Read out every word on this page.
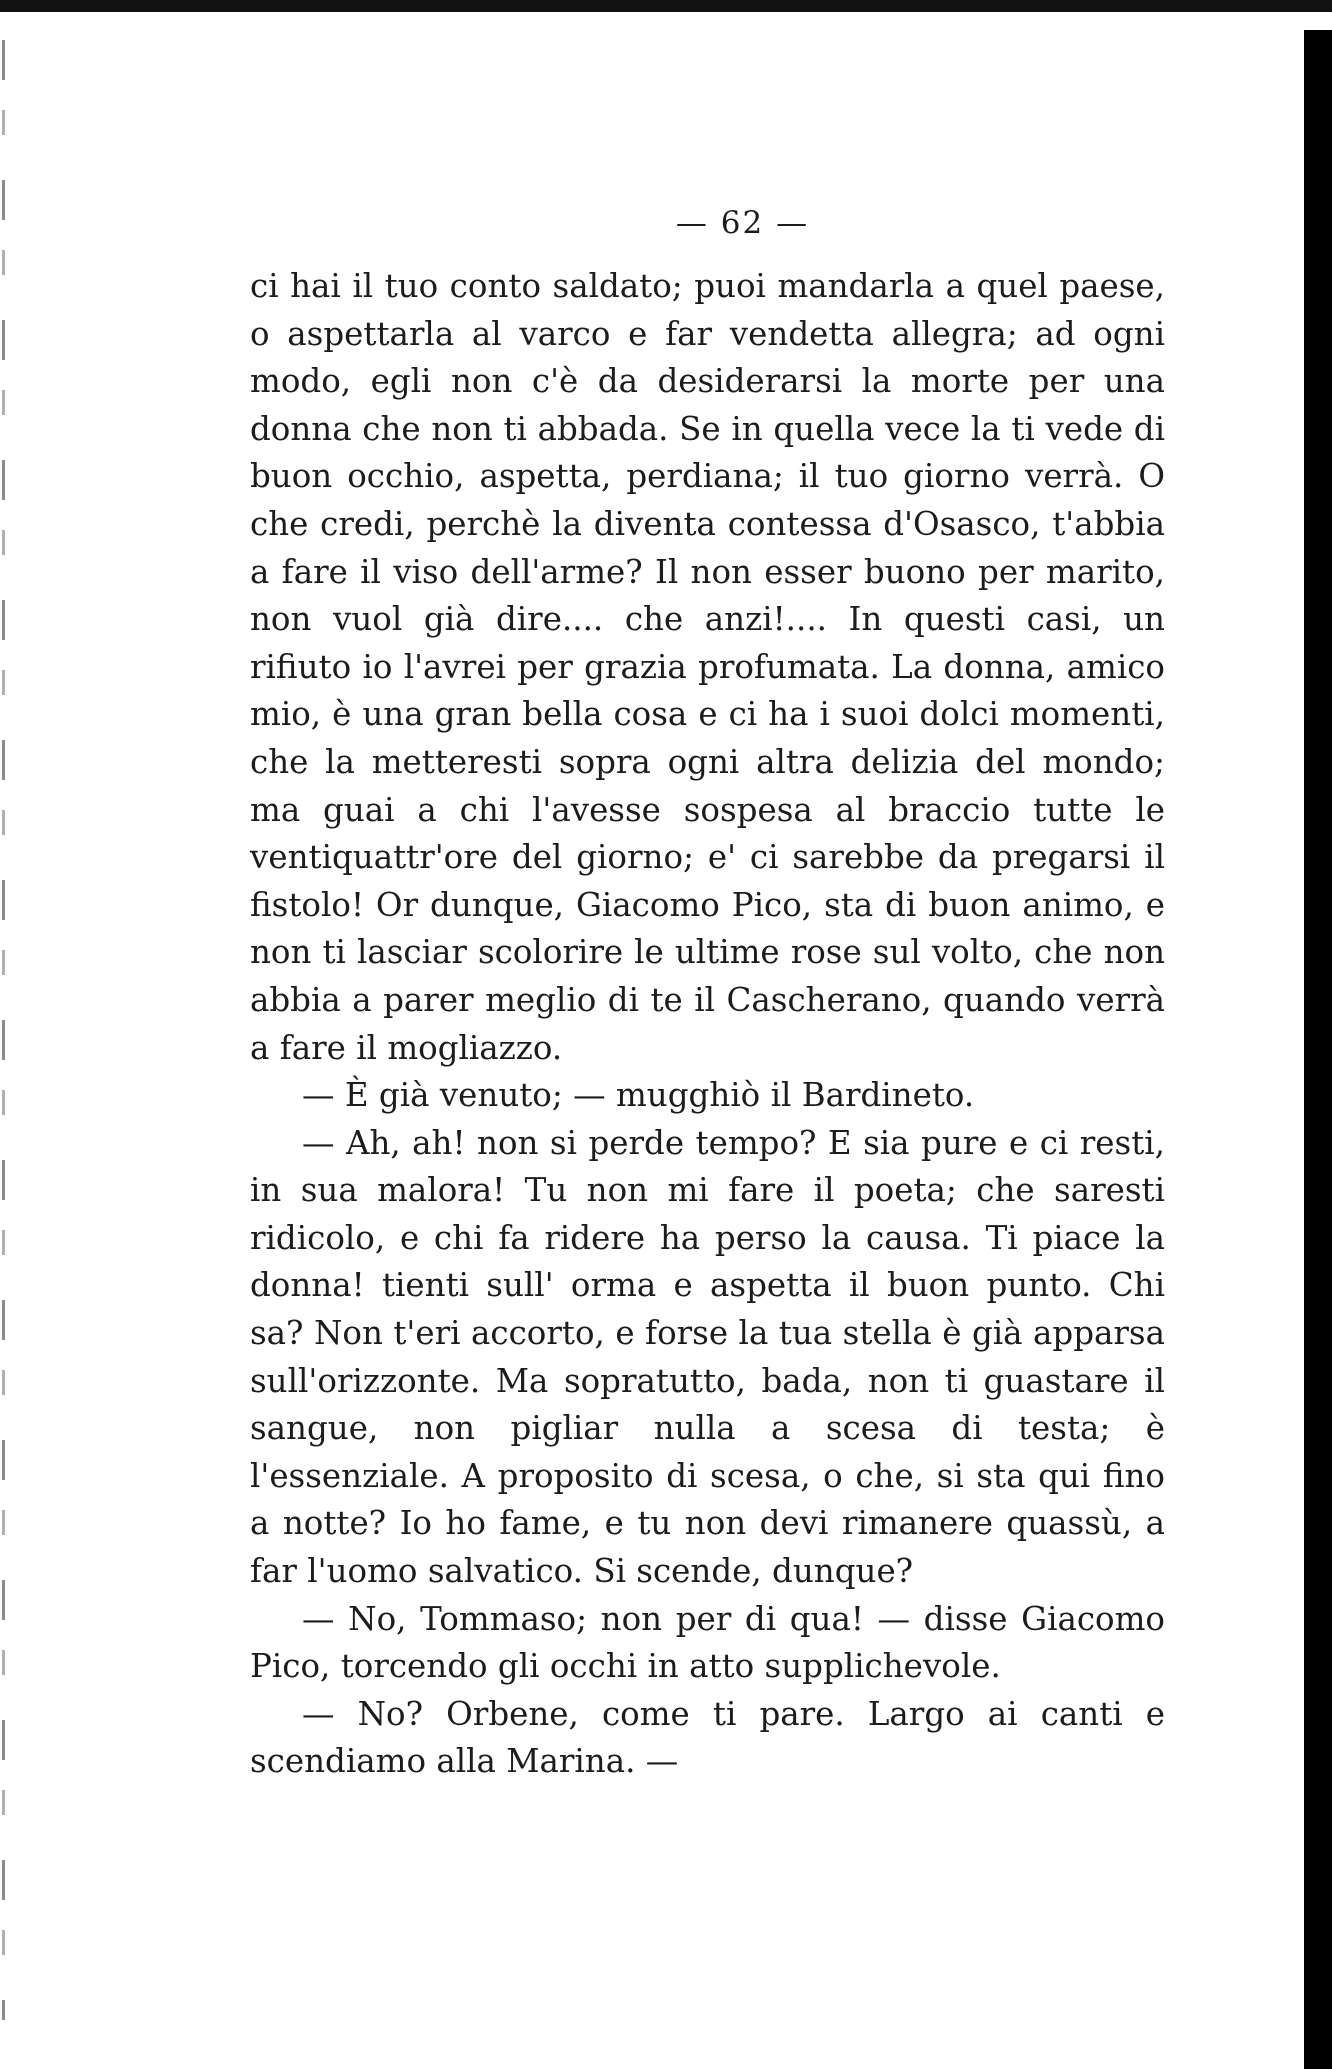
— 62 —

ci hai il tuo conto saldato; puoi mandarla a quel paese, o aspettarla al varco e far vendetta allegra; ad ogni modo, egli non c'è da desiderarsi la morte per una donna che non ti abbada. Se in quella vece la ti vede di buon occhio, aspetta, perdiana; il tuo giorno verrà. O che credi, perchè la diventa contessa d'Osasco, t'abbia a fare il viso dell'arme? Il non esser buono per marito, non vuol già dire.... che anzi!.... In questi casi, un rifiuto io l'avrei per grazia profumata. La donna, amico mio, è una gran bella cosa e ci ha i suoi dolci momenti, che la metteresti sopra ogni altra delizia del mondo; ma guai a chi l'avesse sospesa al braccio tutte le ventiquattr'ore del giorno; e' ci sarebbe da pregarsi il fistolo! Or dunque, Giacomo Pico, sta di buon animo, e non ti lasciar scolorire le ultime rose sul volto, che non abbia a parer meglio di te il Cascherano, quando verrà a fare il mogliazzo.

— È già venuto; — mugghiò il Bardineto.

— Ah, ah! non si perde tempo? E sia pure e ci resti, in sua malora! Tu non mi fare il poeta; che saresti ridicolo, e chi fa ridere ha perso la causa. Ti piace la donna! tienti sull' orma e aspetta il buon punto. Chi sa? Non t'eri accorto, e forse la tua stella è già apparsa sull'orizzonte. Ma sopratutto, bada, non ti guastare il sangue, non pigliar nulla a scesa di testa; è l'essenziale. A proposito di scesa, o che, si sta qui fino a notte? Io ho fame, e tu non devi rimanere quassù, a far l'uomo salvatico. Si scende, dunque?

— No, Tommaso; non per di qua! — disse Giacomo Pico, torcendo gli occhi in atto supplichevole.

— No? Orbene, come ti pare. Largo ai canti e scendiamo alla Marina. —
